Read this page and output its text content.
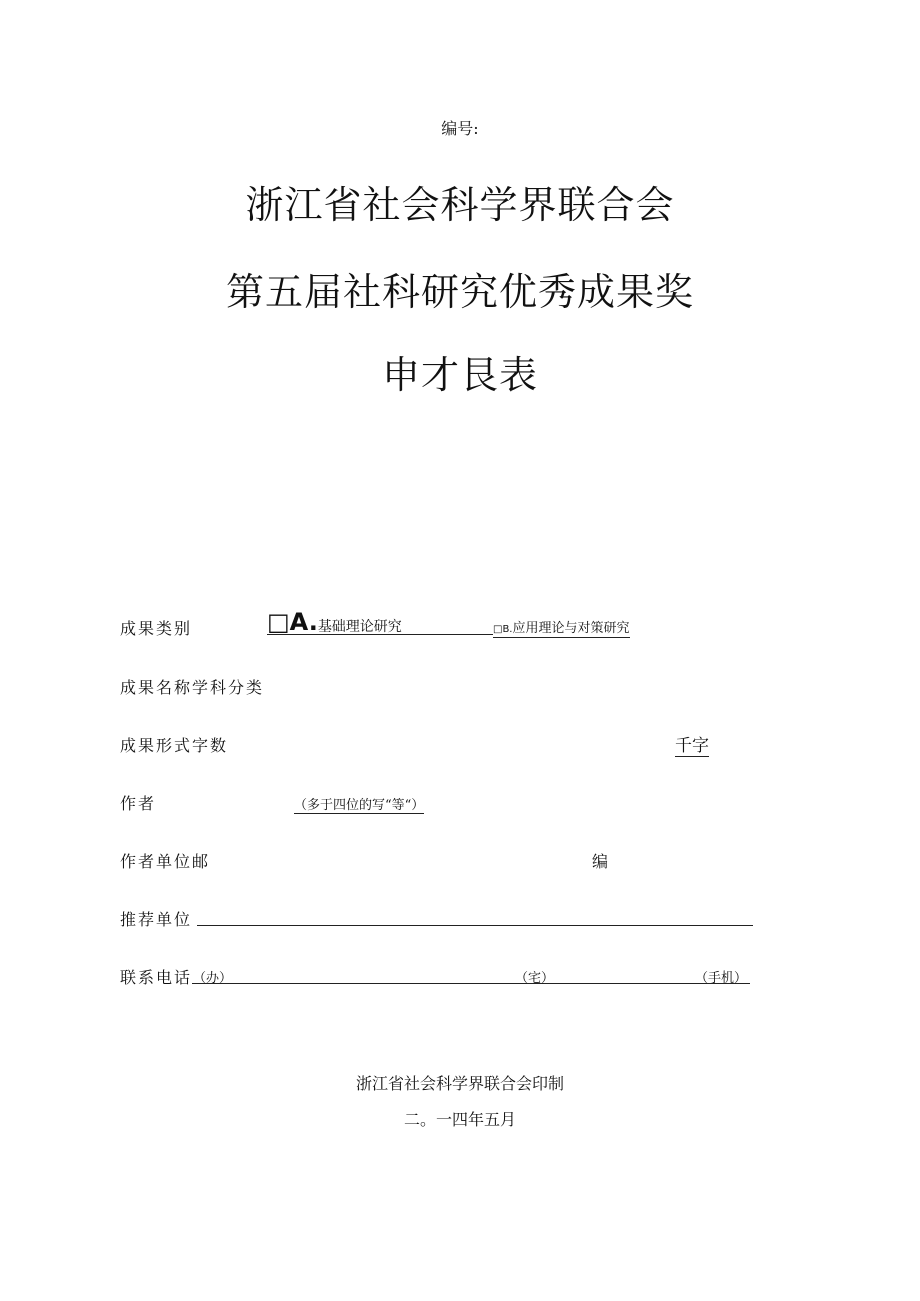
编号:
浙江省社会科学界联合会
第五届社科研究优秀成果奖
申才艮表
成果类别	□A.基础理论研究	□B.应用理论与对策研究
成果名称学科分类
成果形式字数	千字
作者	（多于四位的写“等“）
作者单位邮	编
推荐单位
联系电话 （办）	（宅）	（手机）
浙江省社会科学界联合会印制
二。一四年五月
